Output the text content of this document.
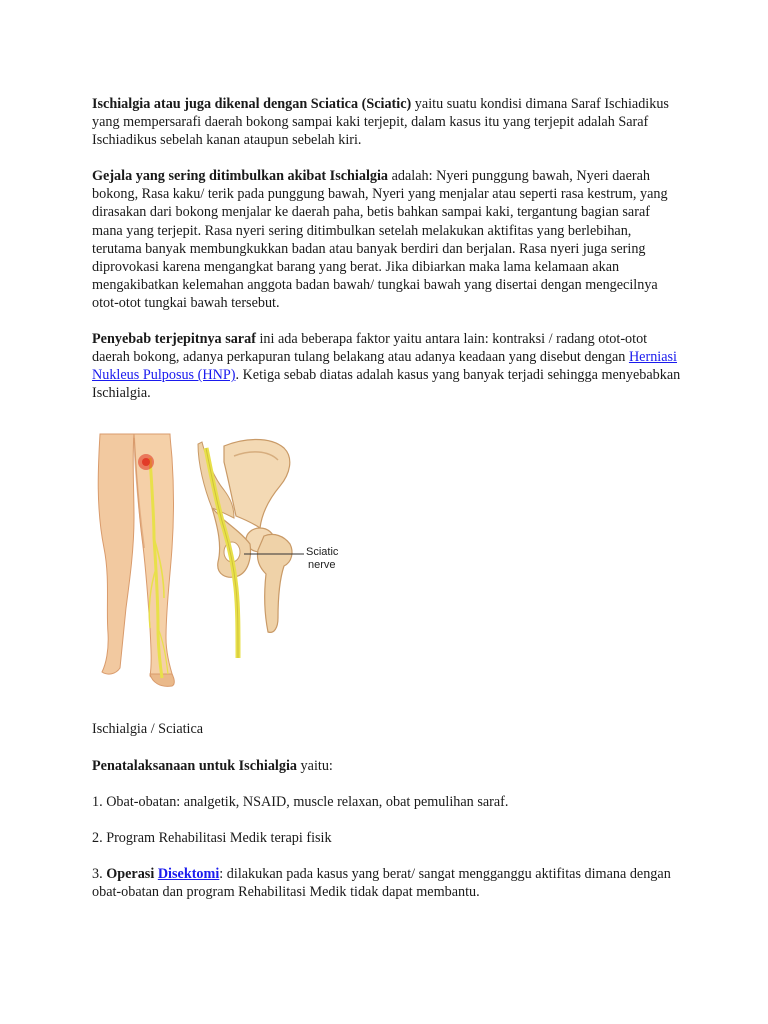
Ischialgia atau juga dikenal dengan Sciatica (Sciatic) yaitu suatu kondisi dimana Saraf Ischiadikus yang mempersarafi daerah bokong sampai kaki terjepit, dalam kasus itu yang terjepit adalah Saraf Ischiadikus sebelah kanan ataupun sebelah kiri.

Gejala yang sering ditimbulkan akibat Ischialgia adalah: Nyeri punggung bawah, Nyeri daerah bokong, Rasa kaku/ terik pada punggung bawah, Nyeri yang menjalar atau seperti rasa kestrum, yang dirasakan dari bokong menjalar ke daerah paha, betis bahkan sampai kaki, tergantung bagian saraf mana yang terjepit. Rasa nyeri sering ditimbulkan setelah melakukan aktifitas yang berlebihan, terutama banyak membungkukkan badan atau banyak berdiri dan berjalan. Rasa nyeri juga sering diprovokasi karena mengangkat barang yang berat. Jika dibiarkan maka lama kelamaan akan mengakibatkan kelemahan anggota badan bawah/ tungkai bawah yang disertai dengan mengecilnya otot-otot tungkai bawah tersebut.

Penyebab terjepitnya saraf ini ada beberapa faktor yaitu antara lain: kontraksi / radang otot-otot daerah bokong, adanya perkapuran tulang belakang atau adanya keadaan yang disebut dengan Herniasi Nukleus Pulposus (HNP). Ketiga sebab diatas adalah kasus yang banyak terjadi sehingga menyebabkan Ischialgia.

Sciatic
nerve

Ischialgia / Sciatica

Penatalaksanaan untuk Ischialgia yaitu:

1. Obat-obatan: analgetik, NSAID, muscle relaxan, obat pemulihan saraf.

2. Program Rehabilitasi Medik terapi fisik

3. Operasi Disektomi: dilakukan pada kasus yang berat/ sangat mengganggu aktifitas dimana dengan obat-obatan dan program Rehabilitasi Medik tidak dapat membantu.
